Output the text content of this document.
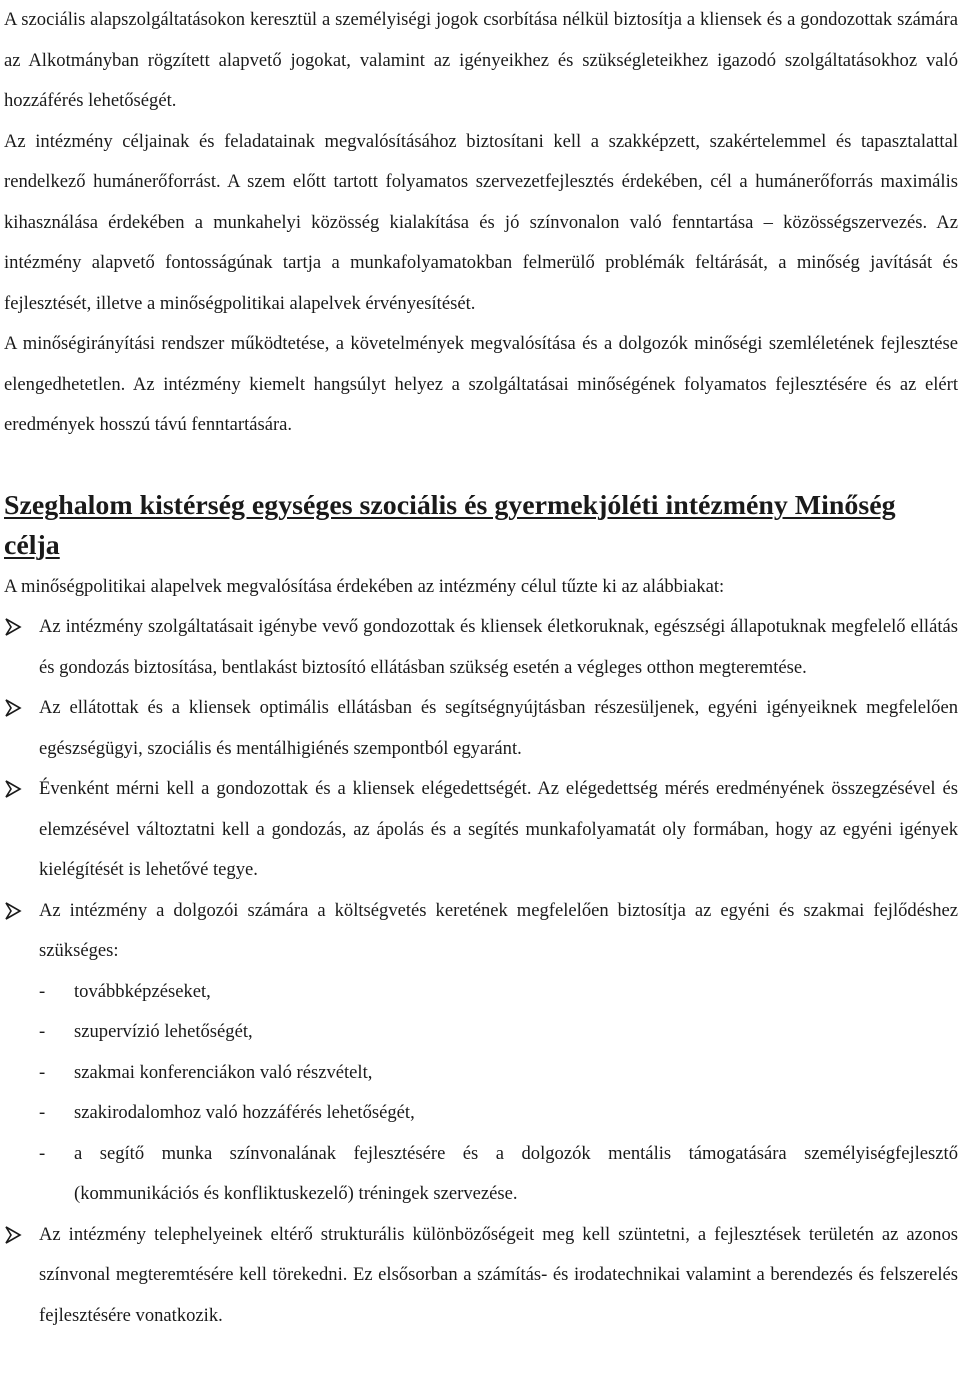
A szociális alapszolgáltatásokon keresztül a személyiségi jogok csorbítása nélkül biztosítja a kliensek és a gondozottak számára az Alkotmányban rögzített alapvető jogokat, valamint az igényeikhez és szükségleteikhez igazodó szolgáltatásokhoz való hozzáférés lehetőségét.

Az intézmény céljainak és feladatainak megvalósításához biztosítani kell a szakképzett, szakértelemmel és tapasztalattal rendelkező humánerőforrást. A szem előtt tartott folyamatos szervezetfejlesztés érdekében, cél a humánerőforrás maximális kihasználása érdekében a munkahelyi közösség kialakítása és jó színvonalon való fenntartása – közösségszervezés. Az intézmény alapvető fontosságúnak tartja a munkafolyamatokban felmerülő problémák feltárását, a minőség javítását és fejlesztését, illetve a minőségpolitikai alapelvek érvényesítését.

A minőségirányítási rendszer működtetése, a követelmények megvalósítása és a dolgozók minőségi szemléletének fejlesztése elengedhetetlen. Az intézmény kiemelt hangsúlyt helyez a szolgáltatásai minőségének folyamatos fejlesztésére és az elért eredmények hosszú távú fenntartására.

Szeghalom kistérség egységes szociális és gyermekjóléti intézmény Minőség célja

A minőségpolitikai alapelvek megvalósítása érdekében az intézmény célul tűzte ki az alábbiakat:

Az intézmény szolgáltatásait igénybe vevő gondozottak és kliensek életkoruknak, egészségi állapotuknak megfelelő ellátás és gondozás biztosítása, bentlakást biztosító ellátásban szükség esetén a végleges otthon megteremtése.
Az ellátottak és a kliensek optimális ellátásban és segítségnyújtásban részesüljenek, egyéni igényeiknek megfelelően egészségügyi, szociális és mentálhigiénés szempontból egyaránt.
Évenként mérni kell a gondozottak és a kliensek elégedettségét. Az elégedettség mérés eredményének összegzésével és elemzésével változtatni kell a gondozás, az ápolás és a segítés munkafolyamatát oly formában, hogy az egyéni igények kielégítését is lehetővé tegye.
Az intézmény a dolgozói számára a költségvetés keretének megfelelően biztosítja az egyéni és szakmai fejlődéshez szükséges:
- továbbképzéseket,
- szupervízió lehetőségét,
- szakmai konferenciákon való részvételt,
- szakirodalomhoz való hozzáférés lehetőségét,
- a segítő munka színvonalának fejlesztésére és a dolgozók mentális támogatására személyiségfejlesztő (kommunikációs és konfliktuskezelő) tréningek szervezése.
Az intézmény telephelyeinek eltérő strukturális különbözőségeit meg kell szüntetni, a fejlesztések területén az azonos színvonal megteremtésére kell törekedni. Ez elsősorban a számítás- és irodatechnikai valamint a berendezés és felszerelés fejlesztésére vonatkozik.
